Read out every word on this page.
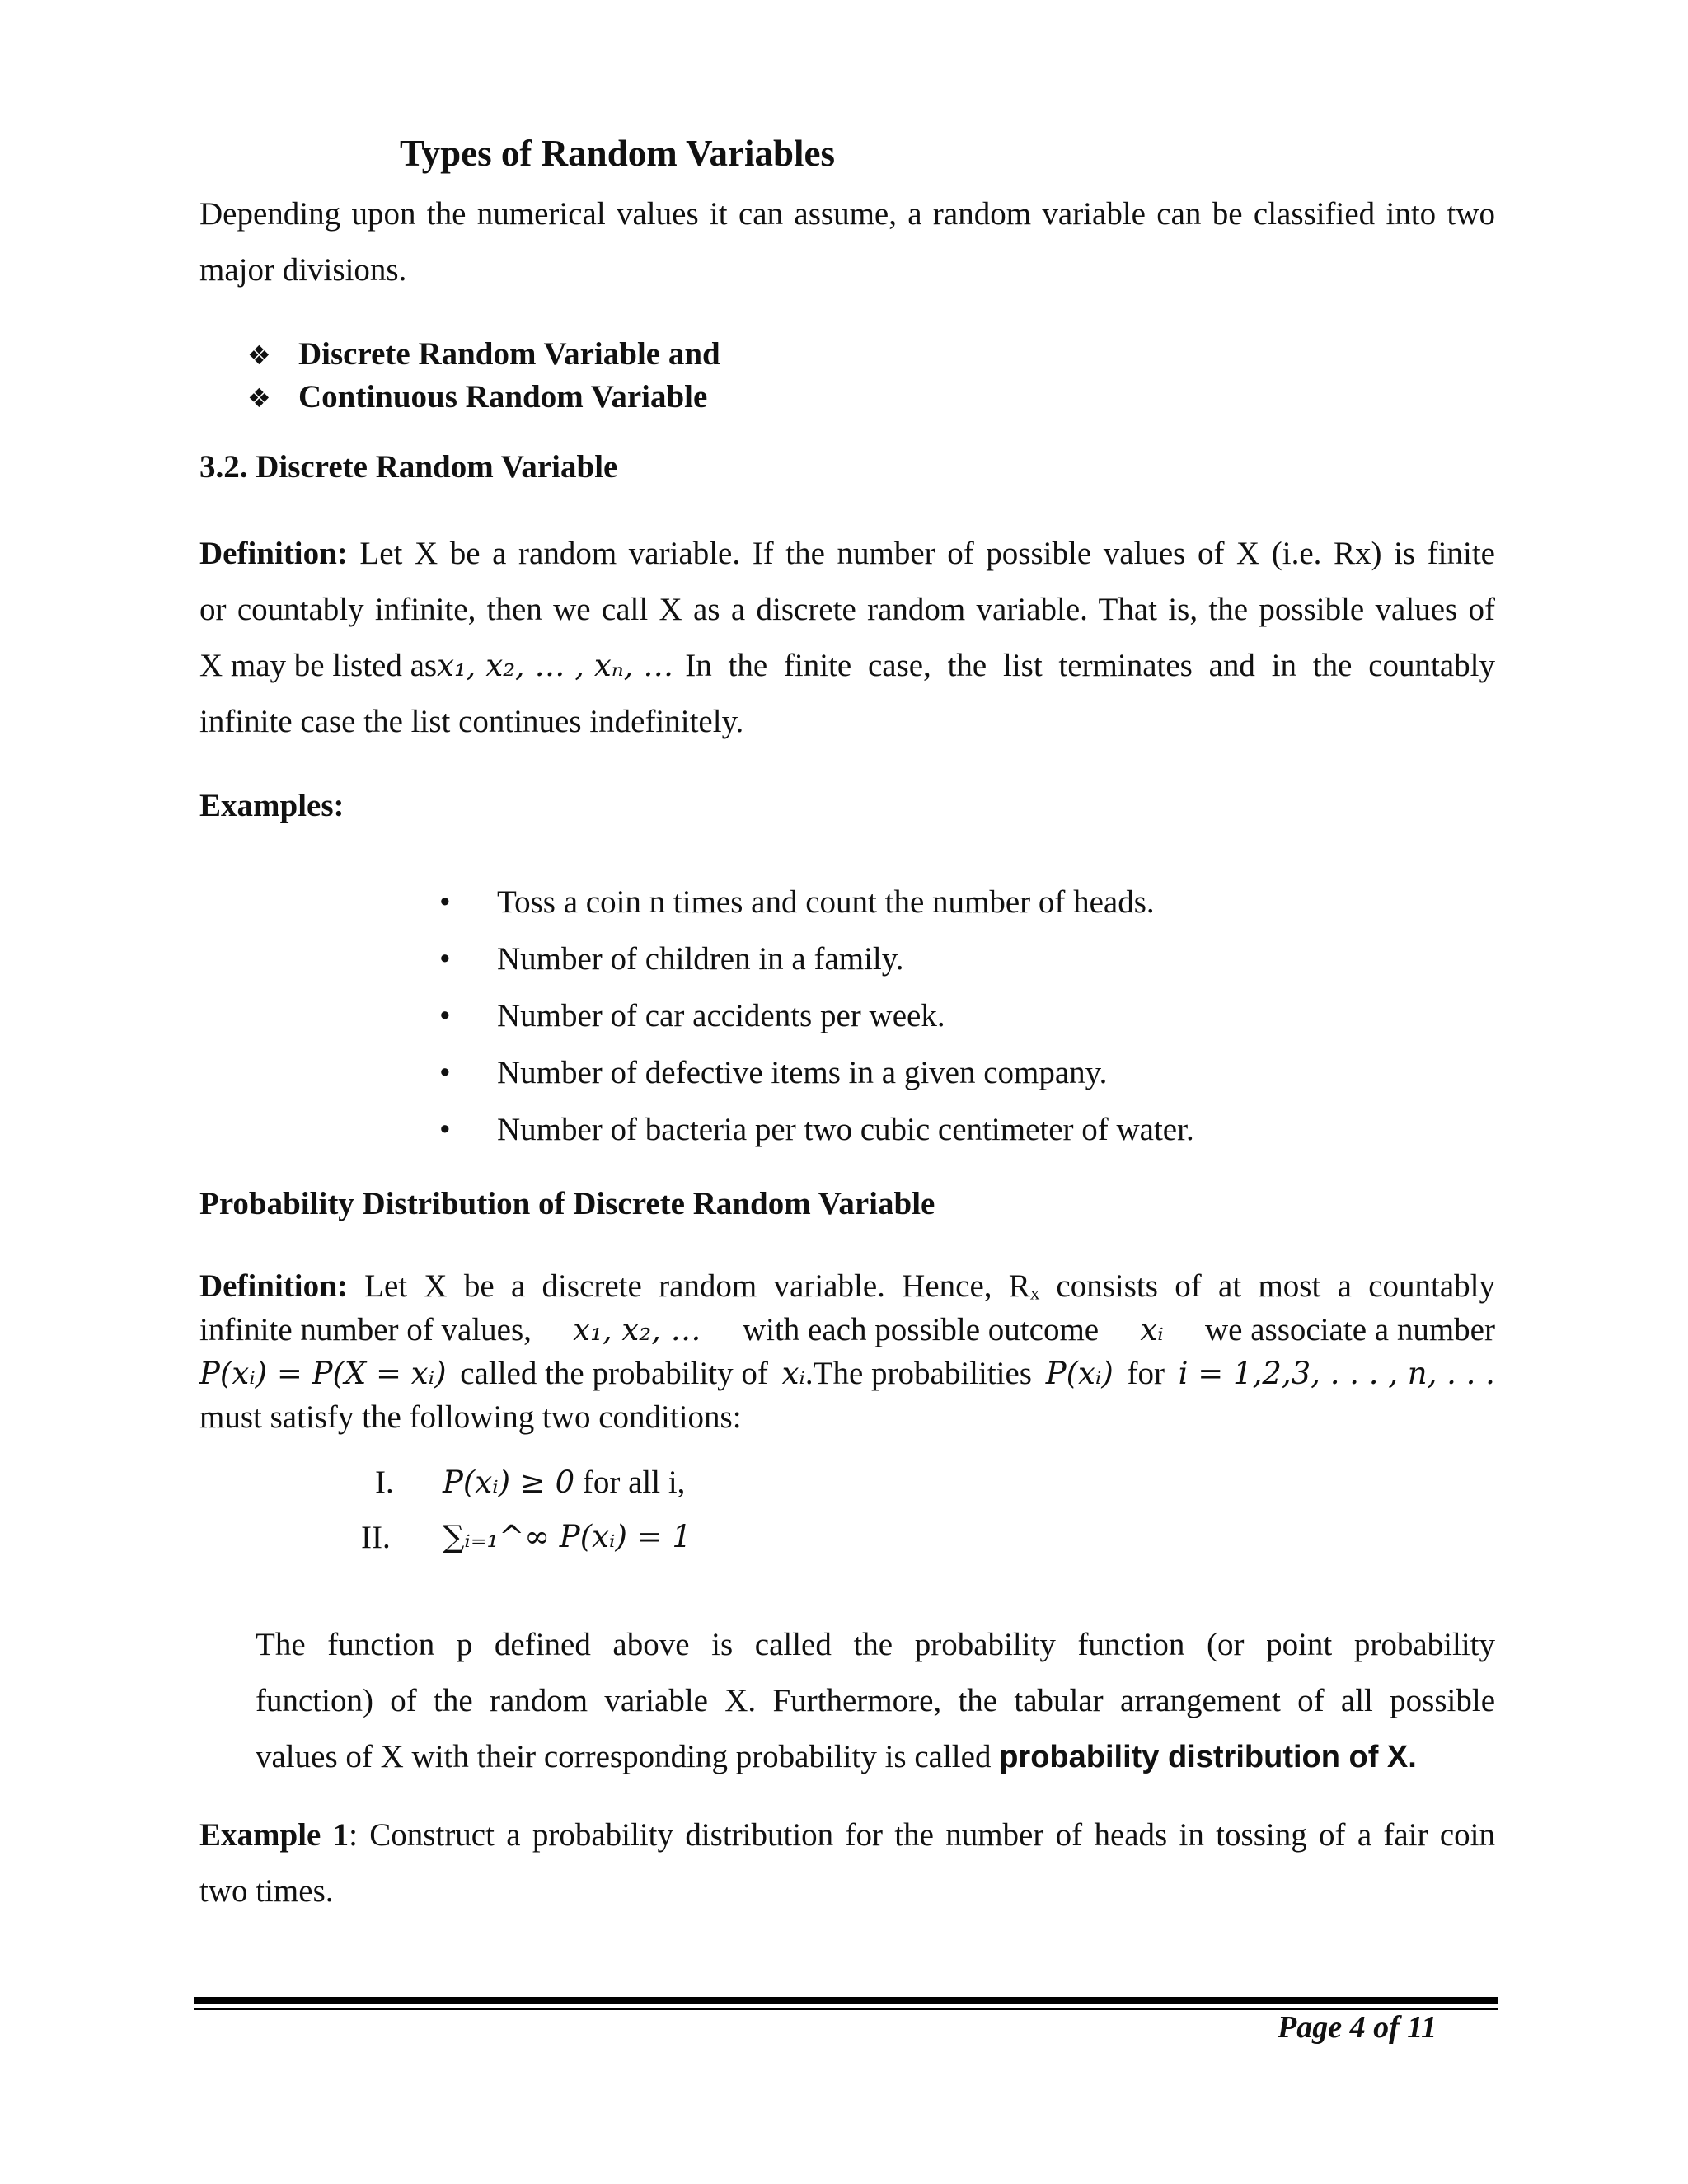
Types of Random Variables
Depending upon the numerical values it can assume, a random variable can be classified into two
major divisions.
❖ Discrete Random Variable and
❖ Continuous Random Variable
3.2. Discrete Random Variable
Definition: Let X be a random variable. If the number of possible values of X (i.e. Rx) is finite
or countably infinite, then we call X as a discrete random variable. That is, the possible values of
X may be listed as x₁, x₂, … , xₙ, … In the finite case, the list terminates and in the countably
infinite case the list continues indefinitely.
Examples:
• Toss a coin n times and count the number of heads.
• Number of children in a family.
• Number of car accidents per week.
• Number of defective items in a given company.
• Number of bacteria per two cubic centimeter of water.
Probability Distribution of Discrete Random Variable
Definition: Let X be a discrete random variable. Hence, Rₓ consists of at most a countably
infinite number of values, x₁, x₂, … with each possible outcome xᵢ we associate a number
P(xᵢ) = P(X = xᵢ) called the probability of xᵢ.The probabilities P(xᵢ) for i = 1,2,3, . . . , n, . . .
must satisfy the following two conditions:
I. P(xᵢ) ≥ 0 for all i,
II. ∑ᵢ₌₁^∞ P(xᵢ) = 1
The function p defined above is called the probability function (or point probability
function) of the random variable X. Furthermore, the tabular arrangement of all possible
values of X with their corresponding probability is called probability distribution of X.
Example 1: Construct a probability distribution for the number of heads in tossing of a fair coin
two times.
Page 4 of 11
